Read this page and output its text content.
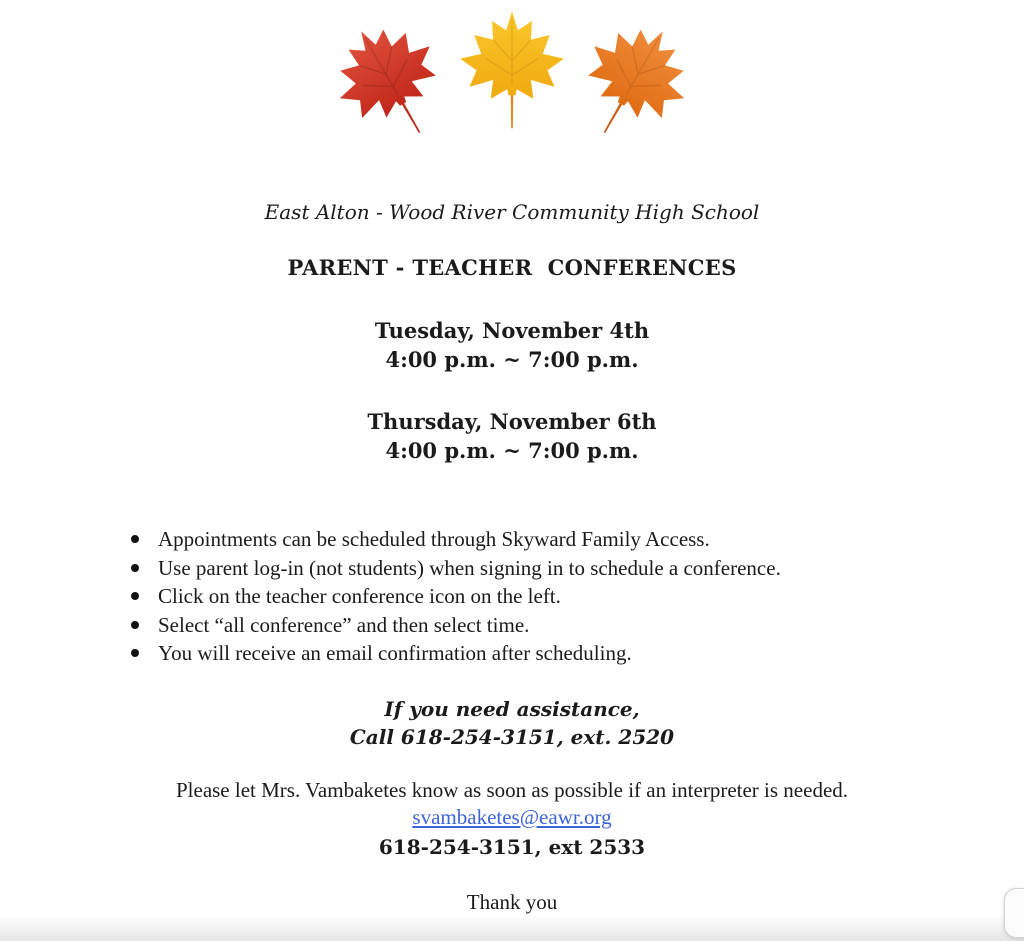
East Alton - Wood River Community High School
PARENT - TEACHER  CONFERENCES
Tuesday, November 4th
4:00 p.m. ~ 7:00 p.m.
Thursday, November 6th
4:00 p.m. ~ 7:00 p.m.
Appointments can be scheduled through Skyward Family Access.
Use parent log-in (not students) when signing in to schedule a conference.
Click on the teacher conference icon on the left.
Select “all conference” and then select time.
You will receive an email confirmation after scheduling.
If you need assistance,
Call 618-254-3151, ext. 2520
Please let Mrs. Vambaketes know as soon as possible if an interpreter is needed.
svambaketes@eawr.org
618-254-3151, ext 2533
Thank you
